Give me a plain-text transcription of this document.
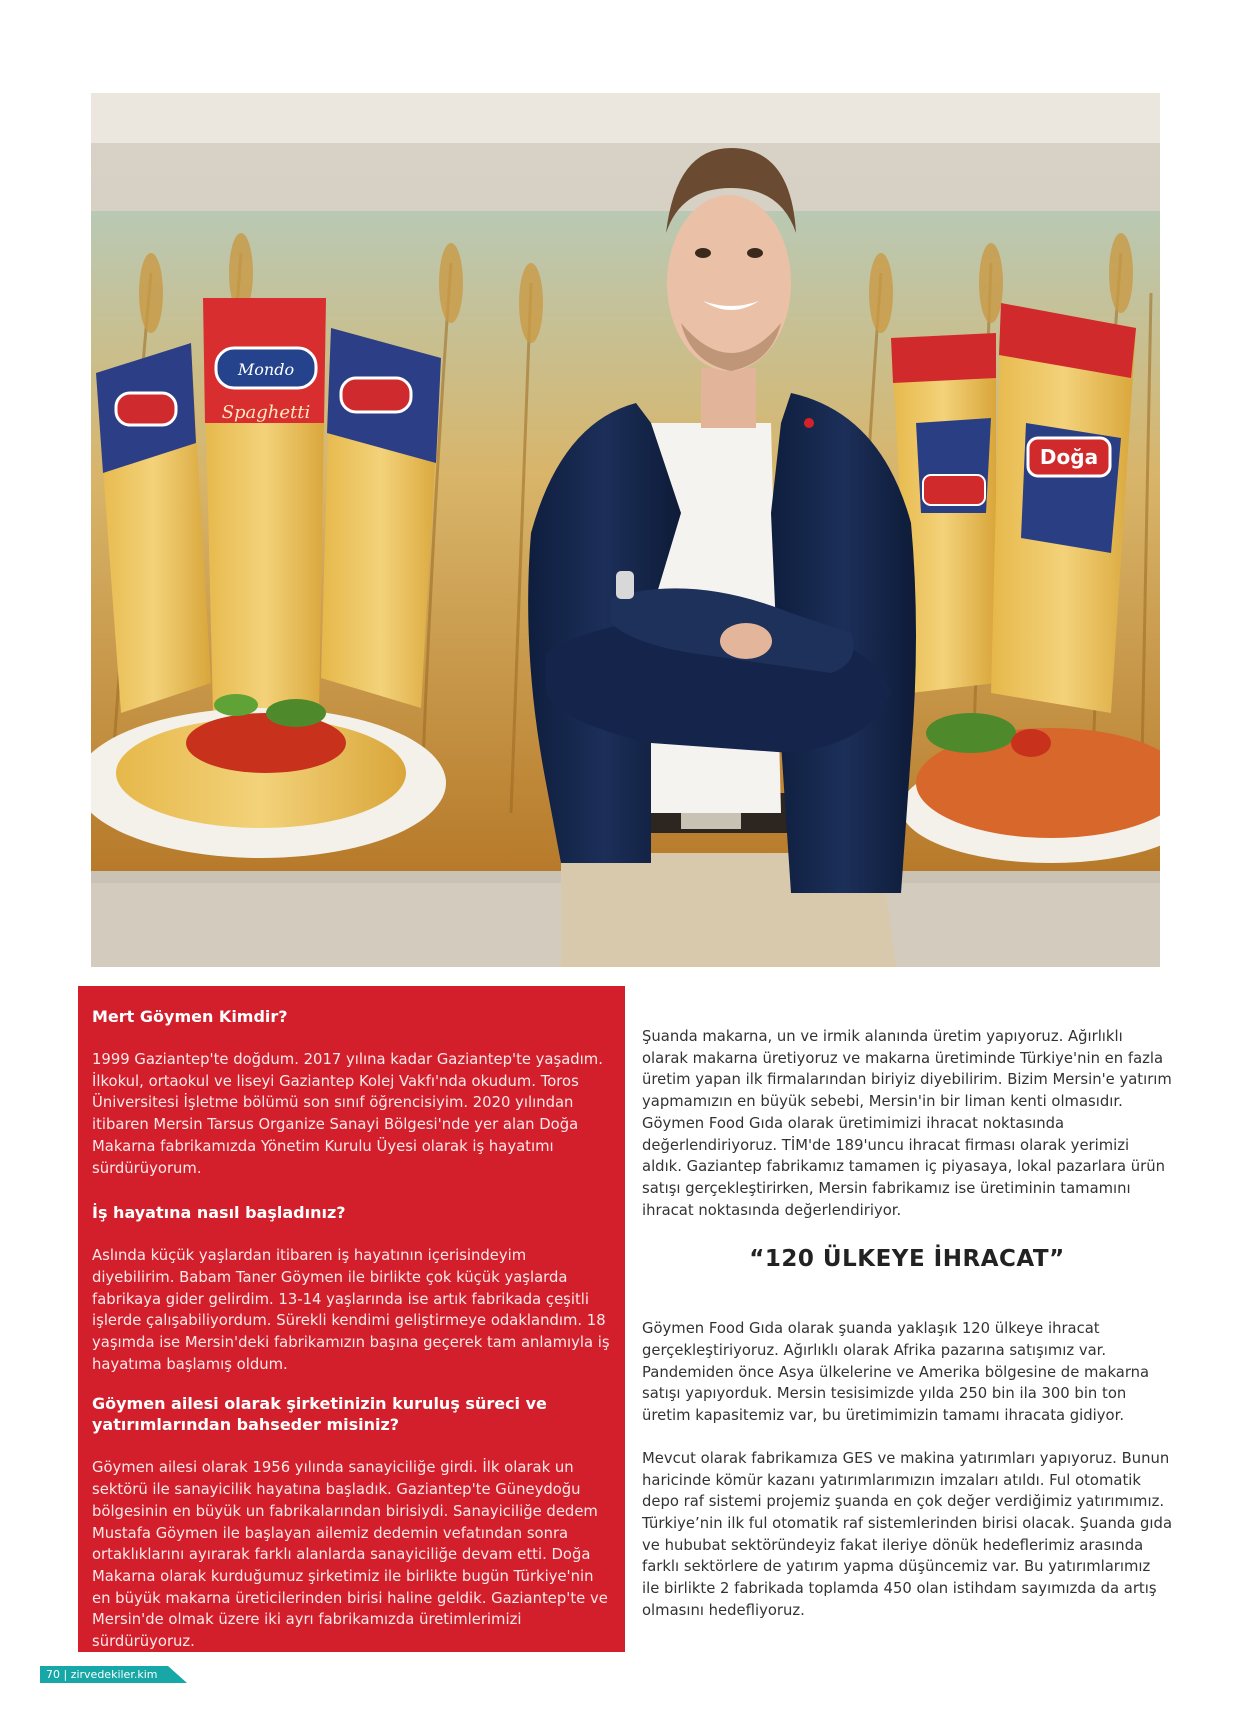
Mondo
Spaghetti
Doğa
Mert Göymen Kimdir?

1999 Gaziantep'te doğdum. 2017 yılına kadar Gaziantep'te yaşadım. İlkokul, ortaokul ve liseyi Gaziantep Kolej Vakfı'nda okudum. Toros Üniversitesi İşletme bölümü son sınıf öğrencisiyim. 2020 yılından itibaren Mersin Tarsus Organize Sanayi Bölgesi'nde yer alan Doğa Makarna fabrikamızda Yönetim Kurulu Üyesi olarak iş hayatımı sürdürüyorum.

İş hayatına nasıl başladınız?

Aslında küçük yaşlardan itibaren iş hayatının içerisindeyim diyebilirim. Babam Taner Göymen ile birlikte çok küçük yaşlarda fabrikaya gider gelirdim. 13-14 yaşlarında ise artık fabrikada çeşitli işlerde çalışabiliyordum. Sürekli kendimi geliştirmeye odaklandım. 18 yaşımda ise Mersin'deki fabrikamızın başına geçerek tam anlamıyla iş hayatıma başlamış oldum.

Göymen ailesi olarak şirketinizin kuruluş süreci ve yatırımlarından bahseder misiniz?

Göymen ailesi olarak 1956 yılında sanayiciliğe girdi. İlk olarak un sektörü ile sanayicilik hayatına başladık. Gaziantep'te Güneydoğu bölgesinin en büyük un fabrikalarından birisiydi. Sanayiciliğe dedem Mustafa Göymen ile başlayan ailemiz dedemin vefatından sonra ortaklıklarını ayırarak farklı alanlarda sanayiciliğe devam etti. Doğa Makarna olarak kurduğumuz şirketimiz ile birlikte bugün Türkiye'nin en büyük makarna üreticilerinden birisi haline geldik. Gaziantep'te ve Mersin'de olmak üzere iki ayrı fabrikamızda üretimlerimizi sürdürüyoruz.

Şuanda makarna, un ve irmik alanında üretim yapıyoruz. Ağırlıklı olarak makarna üretiyoruz ve makarna üretiminde Türkiye'nin en fazla üretim yapan ilk firmalarından biriyiz diyebilirim. Bizim Mersin'e yatırım yapmamızın en büyük sebebi, Mersin'in bir liman kenti olmasıdır. Göymen Food Gıda olarak üretimimizi ihracat noktasında değerlendiriyoruz. TİM'de 189'uncu ihracat firması olarak yerimizi aldık. Gaziantep fabrikamız tamamen iç piyasaya, lokal pazarlara ürün satışı gerçekleştirirken, Mersin fabrikamız ise üretiminin tamamını ihracat noktasında değerlendiriyor.

“120 ÜLKEYE İHRACAT”

Göymen Food Gıda olarak şuanda yaklaşık 120 ülkeye ihracat gerçekleştiriyoruz. Ağırlıklı olarak Afrika pazarına satışımız var. Pandemiden önce Asya ülkelerine ve Amerika bölgesine de makarna satışı yapıyorduk. Mersin tesisimizde yılda 250 bin ila 300 bin ton üretim kapasitemiz var, bu üretimimizin tamamı ihracata gidiyor.

Mevcut olarak fabrikamıza GES ve makina yatırımları yapıyoruz. Bunun haricinde kömür kazanı yatırımlarımızın imzaları atıldı. Ful otomatik depo raf sistemi projemiz şuanda en çok değer verdiğimiz yatırımımız. Türkiye’nin ilk ful otomatik raf sistemlerinden birisi olacak. Şuanda gıda ve hububat sektöründeyiz fakat ileriye dönük hedeflerimiz arasında farklı sektörlere de yatırım yapma düşüncemiz var. Bu yatırımlarımız ile birlikte 2 fabrikada toplamda 450 olan istihdam sayımızda da artış olmasını hedefliyoruz.

70 | zirvedekiler.kim
